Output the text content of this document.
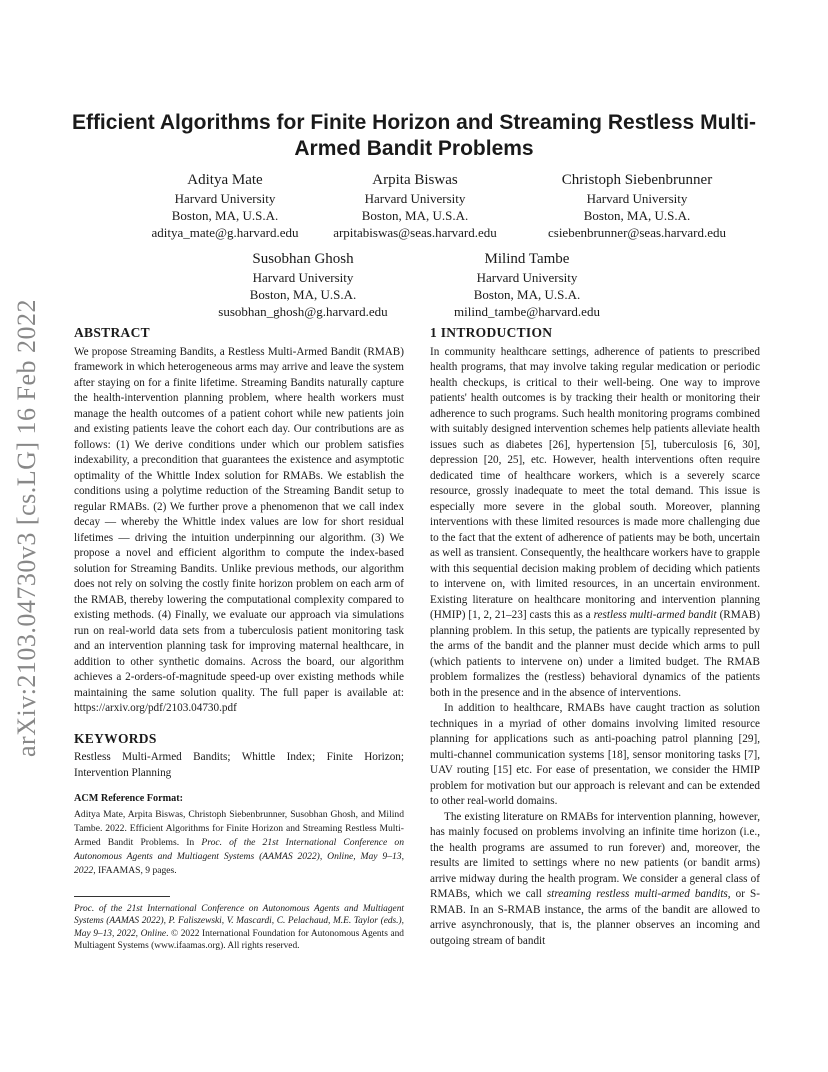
arXiv:2103.04730v3 [cs.LG] 16 Feb 2022
Efficient Algorithms for Finite Horizon and Streaming Restless Multi-Armed Bandit Problems
Aditya Mate
Harvard University
Boston, MA, U.S.A.
aditya_mate@g.harvard.edu
Arpita Biswas
Harvard University
Boston, MA, U.S.A.
arpitabiswas@seas.harvard.edu
Christoph Siebenbrunner
Harvard University
Boston, MA, U.S.A.
csiebenbrunner@seas.harvard.edu
Susobhan Ghosh
Harvard University
Boston, MA, U.S.A.
susobhan_ghosh@g.harvard.edu
Milind Tambe
Harvard University
Boston, MA, U.S.A.
milind_tambe@harvard.edu
ABSTRACT

We propose Streaming Bandits, a Restless Multi-Armed Bandit (RMAB) framework in which heterogeneous arms may arrive and leave the system after staying on for a finite lifetime. Streaming Bandits naturally capture the health-intervention planning problem, where health workers must manage the health outcomes of a patient cohort while new patients join and existing patients leave the cohort each day. Our contributions are as follows: (1) We derive conditions under which our problem satisfies indexability, a precondition that guarantees the existence and asymptotic optimality of the Whittle Index solution for RMABs. We establish the conditions using a polytime reduction of the Streaming Bandit setup to regular RMABs. (2) We further prove a phenomenon that we call index decay — whereby the Whittle index values are low for short residual lifetimes — driving the intuition underpinning our algorithm. (3) We propose a novel and efficient algorithm to compute the index-based solution for Streaming Bandits. Unlike previous methods, our algorithm does not rely on solving the costly finite horizon problem on each arm of the RMAB, thereby lowering the computational complexity compared to existing methods. (4) Finally, we evaluate our approach via simulations run on real-world data sets from a tuberculosis patient monitoring task and an intervention planning task for improving maternal healthcare, in addition to other synthetic domains. Across the board, our algorithm achieves a 2-orders-of-magnitude speed-up over existing methods while maintaining the same solution quality. The full paper is available at: https://arxiv.org/pdf/2103.04730.pdf

KEYWORDS

Restless Multi-Armed Bandits; Whittle Index; Finite Horizon; Intervention Planning

ACM Reference Format:

Aditya Mate, Arpita Biswas, Christoph Siebenbrunner, Susobhan Ghosh, and Milind Tambe. 2022. Efficient Algorithms for Finite Horizon and Streaming Restless Multi-Armed Bandit Problems. In Proc. of the 21st International Conference on Autonomous Agents and Multiagent Systems (AAMAS 2022), Online, May 9–13, 2022, IFAAMAS, 9 pages.

Proc. of the 21st International Conference on Autonomous Agents and Multiagent Systems (AAMAS 2022), P. Faliszewski, V. Mascardi, C. Pelachaud, M.E. Taylor (eds.), May 9–13, 2022, Online. © 2022 International Foundation for Autonomous Agents and Multiagent Systems (www.ifaamas.org). All rights reserved.

1 INTRODUCTION

In community healthcare settings, adherence of patients to prescribed health programs, that may involve taking regular medication or periodic health checkups, is critical to their well-being. One way to improve patients' health outcomes is by tracking their health or monitoring their adherence to such programs. Such health monitoring programs combined with suitably designed intervention schemes help patients alleviate health issues such as diabetes [26], hypertension [5], tuberculosis [6, 30], depression [20, 25], etc. However, health interventions often require dedicated time of healthcare workers, which is a severely scarce resource, grossly inadequate to meet the total demand. This issue is especially more severe in the global south. Moreover, planning interventions with these limited resources is made more challenging due to the fact that the extent of adherence of patients may be both, uncertain as well as transient. Consequently, the healthcare workers have to grapple with this sequential decision making problem of deciding which patients to intervene on, with limited resources, in an uncertain environment. Existing literature on healthcare monitoring and intervention planning (HMIP) [1, 2, 21–23] casts this as a restless multi-armed bandit (RMAB) planning problem. In this setup, the patients are typically represented by the arms of the bandit and the planner must decide which arms to pull (which patients to intervene on) under a limited budget. The RMAB problem formalizes the (restless) behavioral dynamics of the patients both in the presence and in the absence of interventions.

In addition to healthcare, RMABs have caught traction as solution techniques in a myriad of other domains involving limited resource planning for applications such as anti-poaching patrol planning [29], multi-channel communication systems [18], sensor monitoring tasks [7], UAV routing [15] etc. For ease of presentation, we consider the HMIP problem for motivation but our approach is relevant and can be extended to other real-world domains.

The existing literature on RMABs for intervention planning, however, has mainly focused on problems involving an infinite time horizon (i.e., the health programs are assumed to run forever) and, moreover, the results are limited to settings where no new patients (or bandit arms) arrive midway during the health program. We consider a general class of RMABs, which we call streaming restless multi-armed bandits, or S-RMAB. In an S-RMAB instance, the arms of the bandit are allowed to arrive asynchronously, that is, the planner observes an incoming and outgoing stream of bandit
